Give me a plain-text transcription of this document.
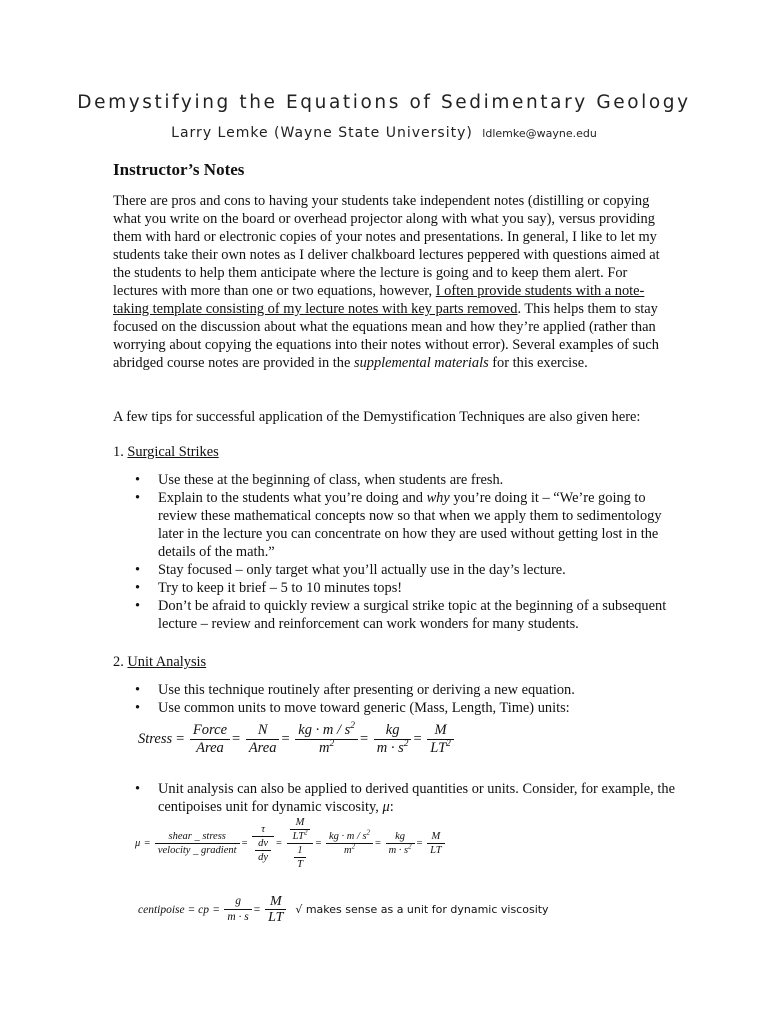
Demystifying the Equations of Sedimentary Geology
Larry Lemke (Wayne State University) ldlemke@wayne.edu
Instructor’s Notes

There are pros and cons to having your students take independent notes (distilling or copying what you write on the board or overhead projector along with what you say), versus providing them with hard or electronic copies of your notes and presentations. In general, I like to let my students take their own notes as I deliver chalkboard lectures peppered with questions aimed at the students to help them anticipate where the lecture is going and to keep them alert. For lectures with more than one or two equations, however, I often provide students with a note-taking template consisting of my lecture notes with key parts removed. This helps them to stay focused on the discussion about what the equations mean and how they’re applied (rather than worrying about copying the equations into their notes without error). Several examples of such abridged course notes are provided in the supplemental materials for this exercise.

A few tips for successful application of the Demystification Techniques are also given here:

1. Surgical Strikes
• Use these at the beginning of class, when students are fresh.
• Explain to the students what you’re doing and why you’re doing it – “We’re going to review these mathematical concepts now so that when we apply them to sedimentology later in the lecture you can concentrate on how they are used without getting lost in the details of the math.”
• Stay focused – only target what you’ll actually use in the day’s lecture.
• Try to keep it brief – 5 to 10 minutes tops!
• Don’t be afraid to quickly review a surgical strike topic at the beginning of a subsequent lecture – review and reinforcement can work wonders for many students.
2. Unit Analysis
• Use this technique routinely after presenting or deriving a new equation.
• Use common units to move toward generic (Mass, Length, Time) units:
Stress = $\frac{\text{Force}}{\text{Area}} = \frac{N}{\text{Area}} = \frac{kg \cdot m / s^2}{m^2} = \frac{kg}{m \cdot s^2} = \frac{M}{LT^2}$
• Unit analysis can also be applied to derived quantities or units. Consider, for example, the centipoises unit for dynamic viscosity, μ:
$\mu = \frac{\text{shear \_ stress}}{\text{velocity \_ gradient}} = \frac{\tau}{\frac{dv}{dy}} = \frac{\frac{M}{LT^2}}{\frac{1}{T}} = \frac{kg \cdot m / s^2}{m^2} = \frac{kg}{m \cdot s^2} = \frac{M}{LT}$
centipoise = cp = $\frac{g}{m \cdot s} = \frac{M}{LT}$ √ makes sense as a unit for dynamic viscosity
